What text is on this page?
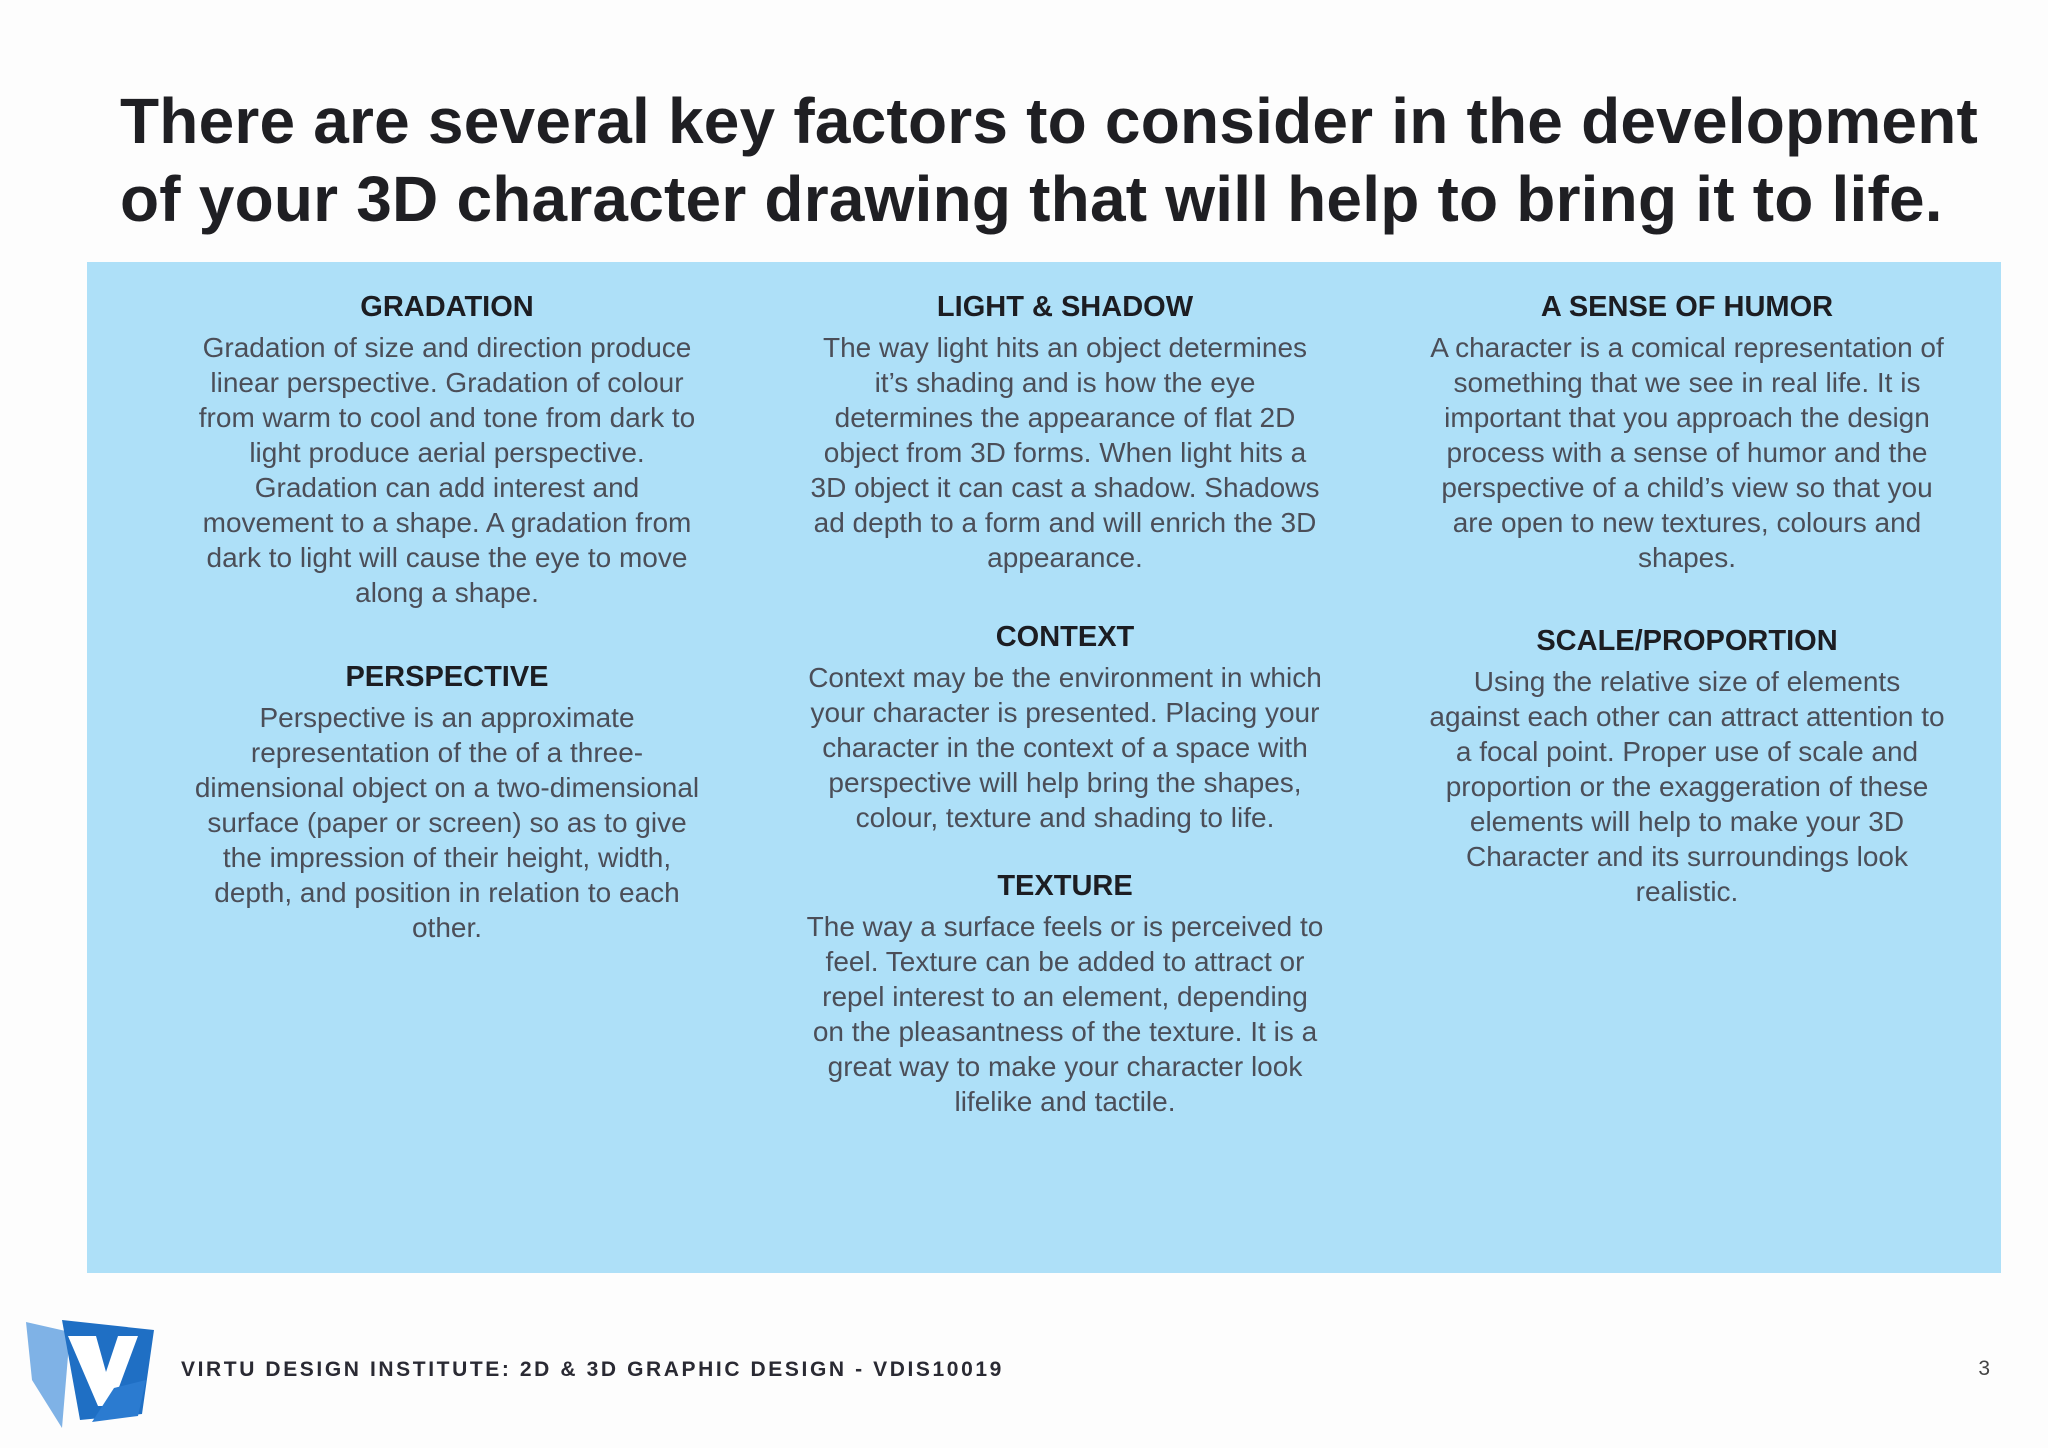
There are several key factors to consider in the development of your 3D character drawing that will help to bring it to life.
GRADATION

Gradation of size and direction produce linear perspective. Gradation of colour from warm to cool and tone from dark to light produce aerial perspective. Gradation can add interest and movement to a shape. A gradation from dark to light will cause the eye to move along a shape.

PERSPECTIVE

Perspective is an approximate representation of the of a three-dimensional object on a two-dimensional surface (paper or screen) so as to give the impression of their height, width, depth, and position in relation to each other.

LIGHT & SHADOW

The way light hits an object determines it’s shading and is how the eye determines the appearance of flat 2D object from 3D forms. When light hits a 3D object it can cast a shadow. Shadows ad depth to a form and will enrich the 3D appearance.

CONTEXT

Context may be the environment in which your character is presented. Placing your character in the context of a space with perspective will help bring the shapes, colour, texture and shading to life.

TEXTURE

The way a surface feels or is perceived to feel. Texture can be added to attract or repel interest to an element, depending on the pleasantness of the texture. It is a great way to make your character look lifelike and tactile.

A SENSE OF HUMOR

A character is a comical representation of something that we see in real life. It is important that you approach the design process with a sense of humor and the perspective of a child’s view so that you are open to new textures, colours and shapes.

SCALE/PROPORTION

Using the relative size of elements against each other can attract attention to a focal point. Proper use of scale and proportion or the exaggeration of these elements will help to make your 3D Character and its surroundings look realistic.

VIRTU DESIGN INSTITUTE: 2D & 3D GRAPHIC DESIGN - VDIS10019	3
